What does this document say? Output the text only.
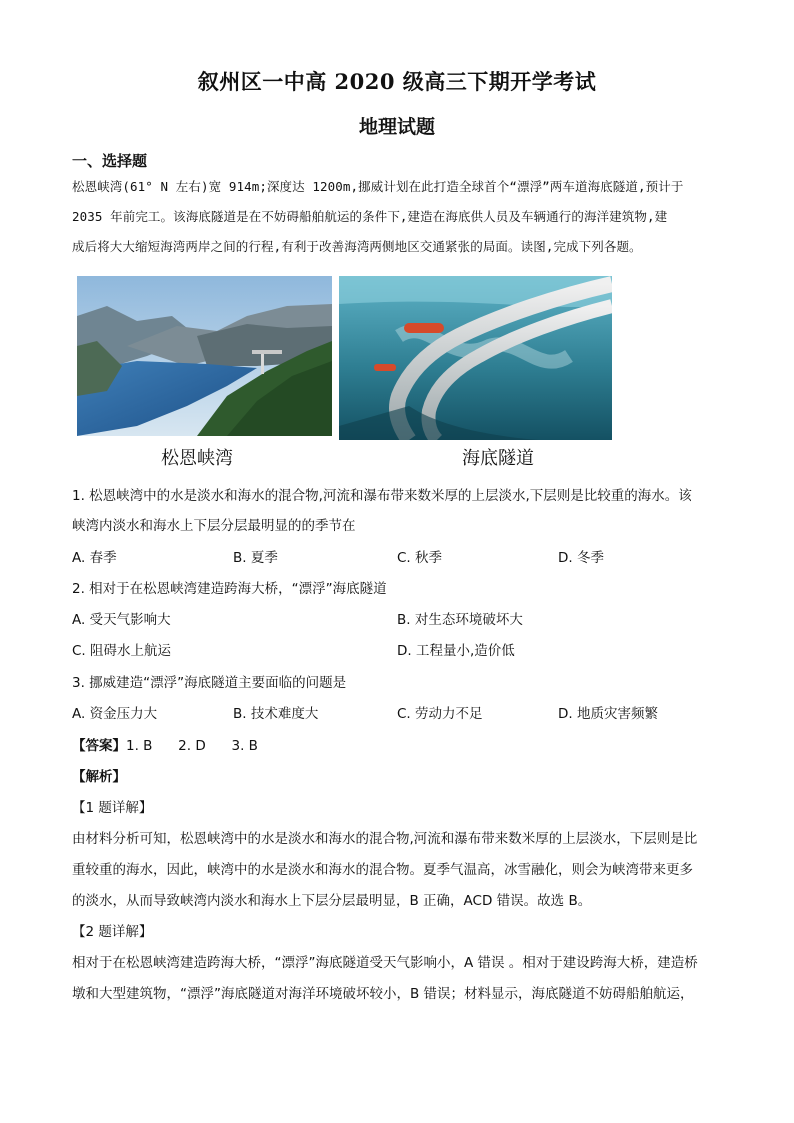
叙州区一中高 2020 级高三下期开学考试
地理试题
一、选择题
松恩峡湾(61° N 左右)宽 914m;深度达 1200m,挪威计划在此打造全球首个“漂浮”两车道海底隧道,预计于
2035 年前完工。该海底隧道是在不妨碍船舶航运的条件下,建造在海底供人员及车辆通行的海洋建筑物,建
成后将大大缩短海湾两岸之间的行程,有利于改善海湾两侧地区交通紧张的局面。读图,完成下列各题。
松恩峡湾	海底隧道
1. 松恩峡湾中的水是淡水和海水的混合物,河流和瀑布带来数米厚的上层淡水,下层则是比较重的海水。该
峡湾内淡水和海水上下层分层最明显的的季节在
A. 春季	B. 夏季	C. 秋季	D. 冬季
2. 相对于在松恩峡湾建造跨海大桥，“漂浮”海底隧道
A. 受天气影响大	B. 对生态环境破坏大
C. 阻碍水上航运	D. 工程量小,造价低
3. 挪威建造“漂浮”海底隧道主要面临的问题是
A. 资金压力大	B. 技术难度大	C. 劳动力不足	D. 地质灾害频繁
【答案】1. B      2. D      3. B
【解析】
【1 题详解】
由材料分析可知，松恩峡湾中的水是淡水和海水的混合物,河流和瀑布带来数米厚的上层淡水，下层则是比
重较重的海水，因此，峡湾中的水是淡水和海水的混合物。夏季气温高，冰雪融化，则会为峡湾带来更多
的淡水，从而导致峡湾内淡水和海水上下层分层最明显，B 正确，ACD 错误。故选 B。
【2 题详解】
相对于在松恩峡湾建造跨海大桥，“漂浮”海底隧道受天气影响小，A 错误 。相对于建设跨海大桥，建造桥
墩和大型建筑物，“漂浮”海底隧道对海洋环境破坏较小，B 错误；材料显示，海底隧道不妨碍船舶航运，
